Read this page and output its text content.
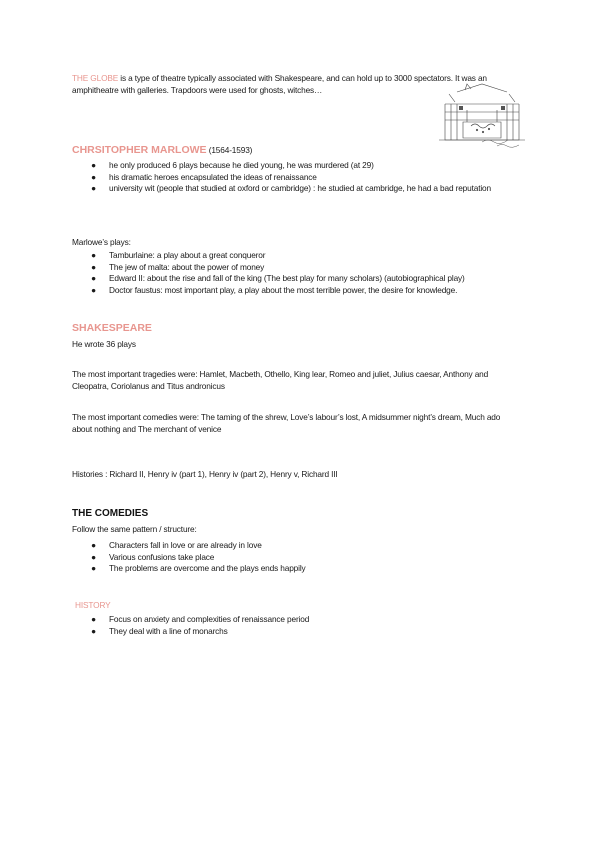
THE GLOBE is a type of theatre typically associated with Shakespeare, and can hold up to 3000 spectators. It was an amphitheatre with galleries. Trapdoors were used for ghosts, witches…

CHRSITOPHER MARLOWE (1564-1593)

● he only produced 6 plays because he died young, he was murdered (at 29)
● his dramatic heroes encapsulated the ideas of renaissance
● university wit (people that studied at oxford or cambridge) : he studied at cambridge, he had a bad reputation

Marlowe’s plays:

● Tamburlaine: a play about a great conqueror
● The jew of malta: about the power of money
● Edward II: about the rise and fall of the king (The best play for many scholars) (autobiographical play)
● Doctor faustus: most important play, a play about the most terrible power, the desire for knowledge.

SHAKESPEARE

He wrote 36 plays

The most important tragedies were: Hamlet, Macbeth, Othello, King lear, Romeo and juliet, Julius caesar, Anthony and Cleopatra, Coriolanus and Titus andronicus

The most important comedies were: The taming of the shrew, Love’s labour’s lost, A midsummer night’s dream, Much ado about nothing and The merchant of venice

Histories : Richard II, Henry iv (part 1), Henry iv (part 2), Henry v, Richard III

THE COMEDIES

Follow the same pattern / structure:

● Characters fall in love or are already in love
● Various confusions take place
● The problems are overcome and the plays ends happily

HISTORY

● Focus on anxiety and complexities of renaissance period
● They deal with a line of monarchs
